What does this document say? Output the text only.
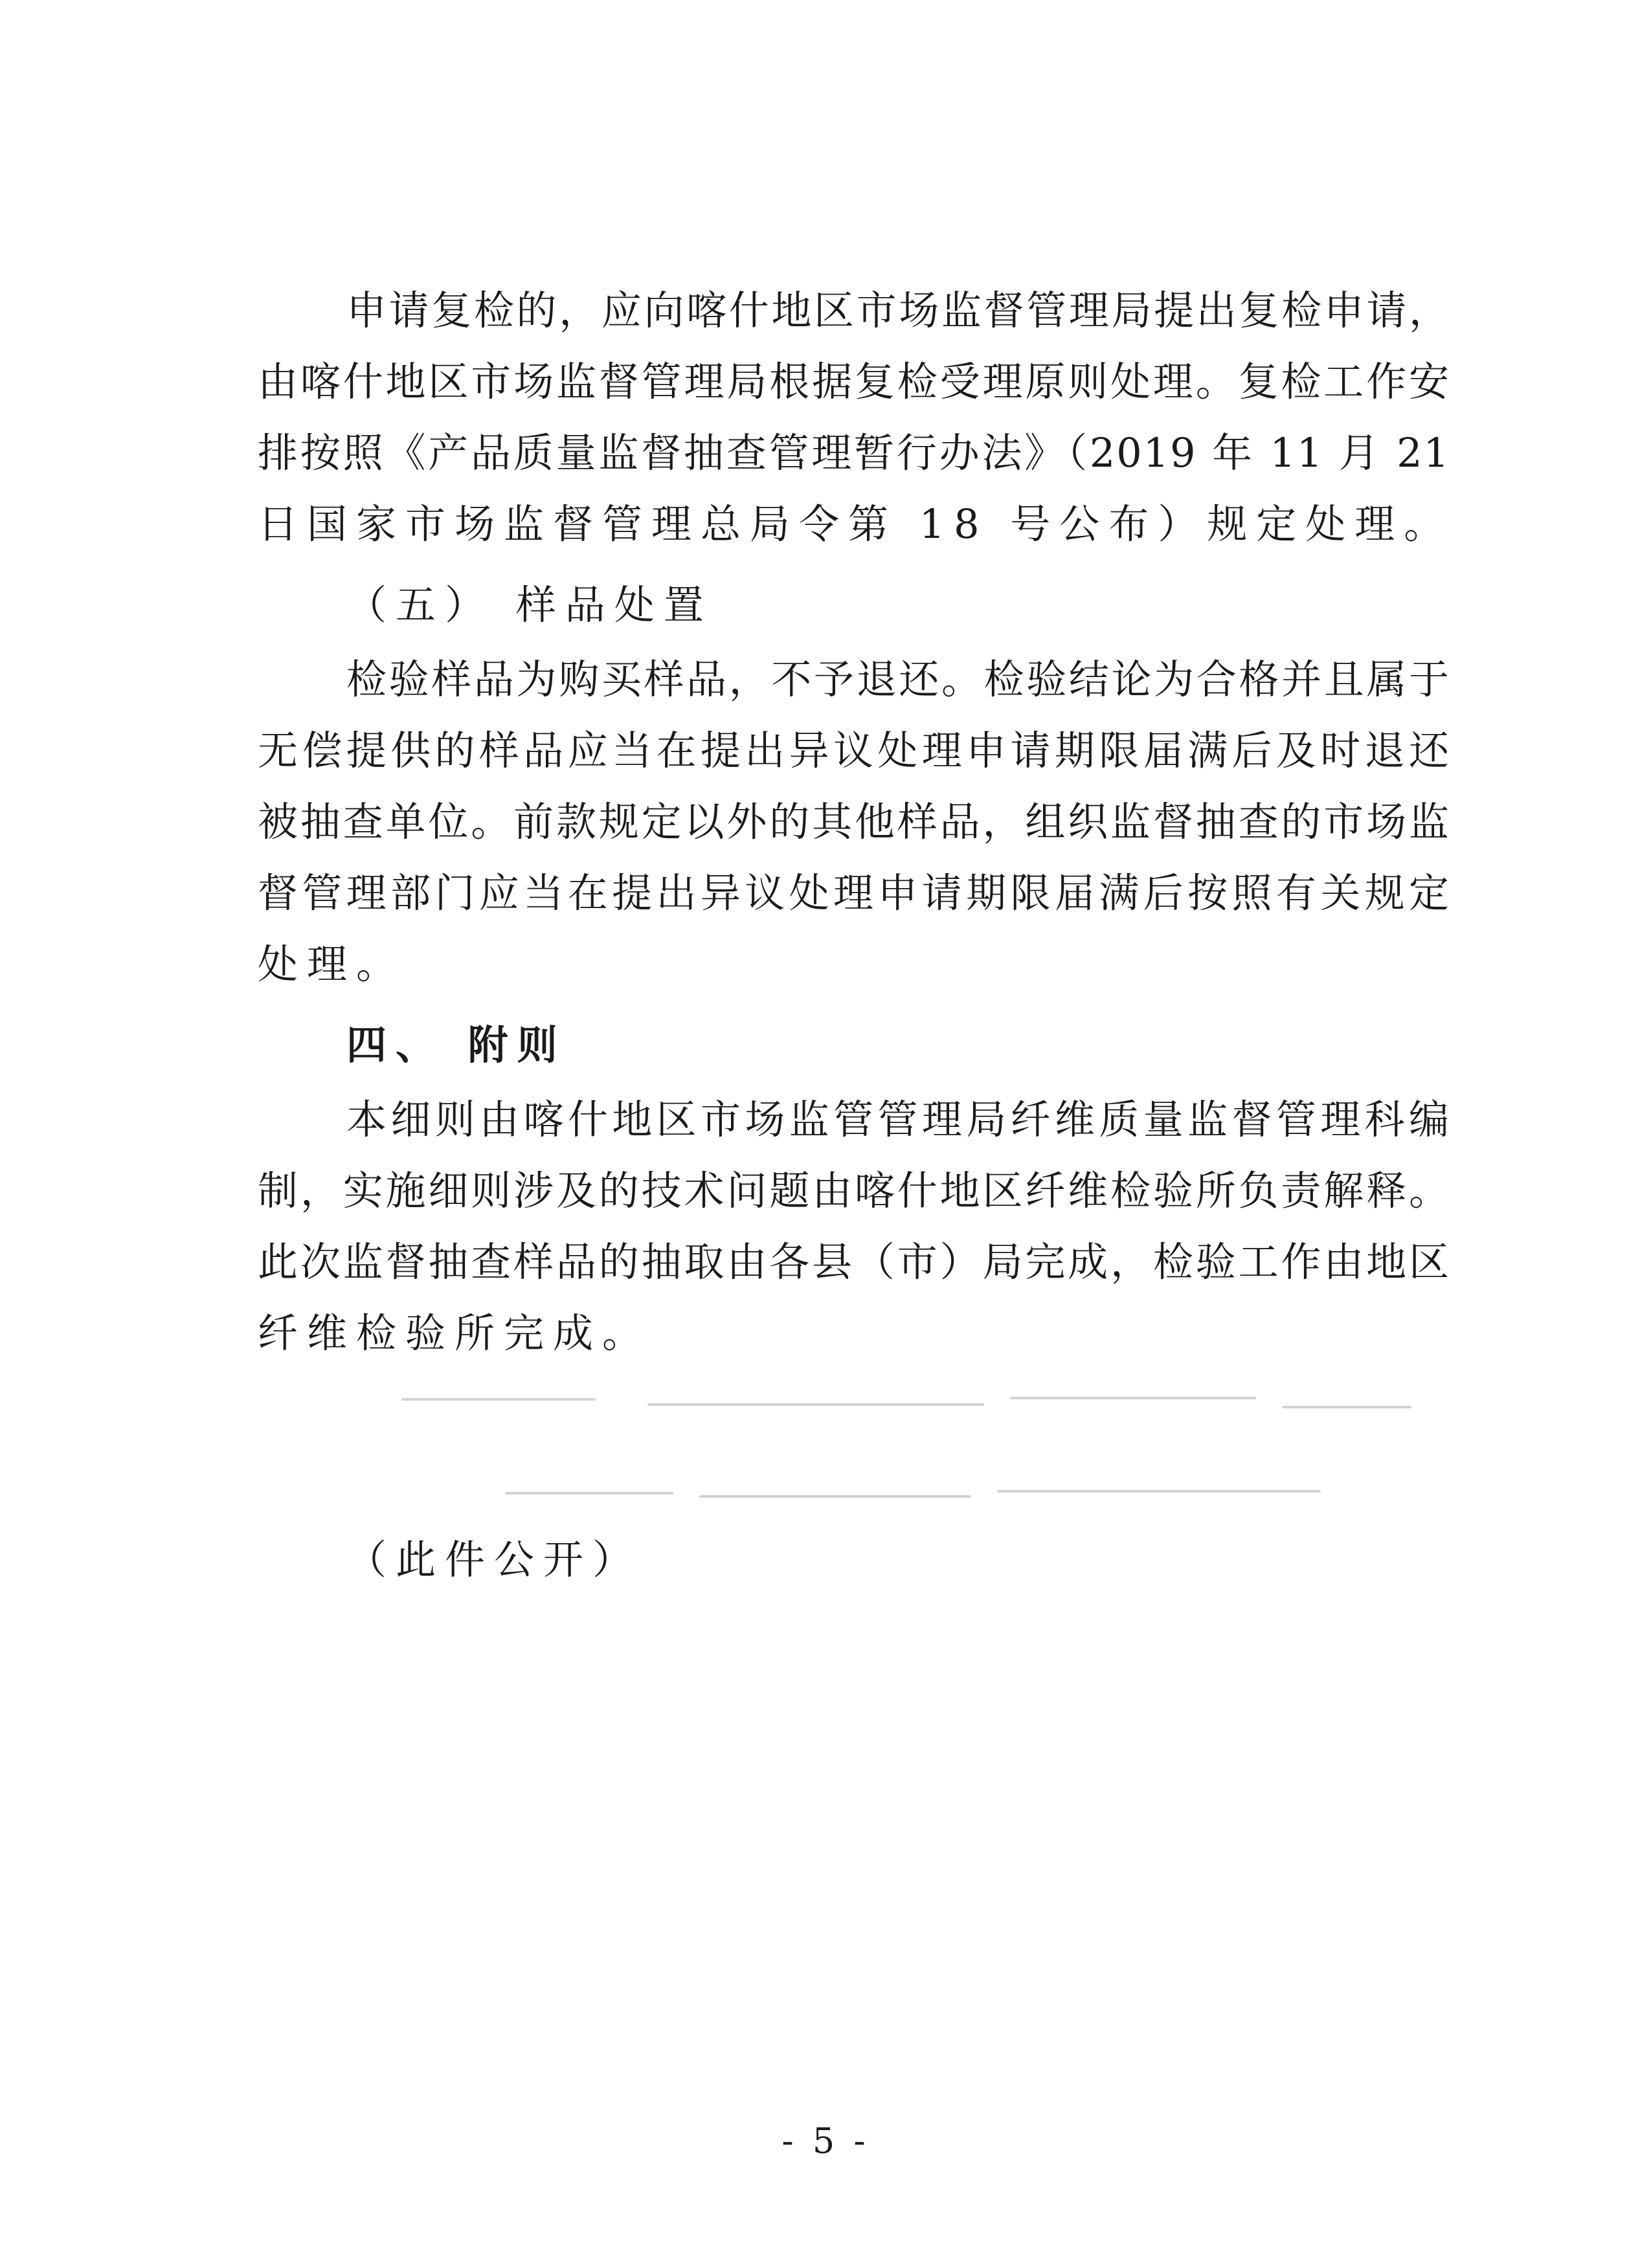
申请复检的，应向喀什地区市场监督管理局提出复检申请，
由喀什地区市场监督管理局根据复检受理原则处理。复检工作安
排按照《产品质量监督抽查管理暂行办法》（2019 年 11 月 21
日国家市场监督管理总局令第 18 号公布）规定处理。
（五） 样品处置
检验样品为购买样品，不予退还。检验结论为合格并且属于
无偿提供的样品应当在提出异议处理申请期限届满后及时退还
被抽查单位。前款规定以外的其他样品，组织监督抽查的市场监
督管理部门应当在提出异议处理申请期限届满后按照有关规定
处理。
四、 附则
本细则由喀什地区市场监管管理局纤维质量监督管理科编
制，实施细则涉及的技术问题由喀什地区纤维检验所负责解释。
此次监督抽查样品的抽取由各县（市）局完成，检验工作由地区
纤维检验所完成。
（此件公开）
- 5 -
